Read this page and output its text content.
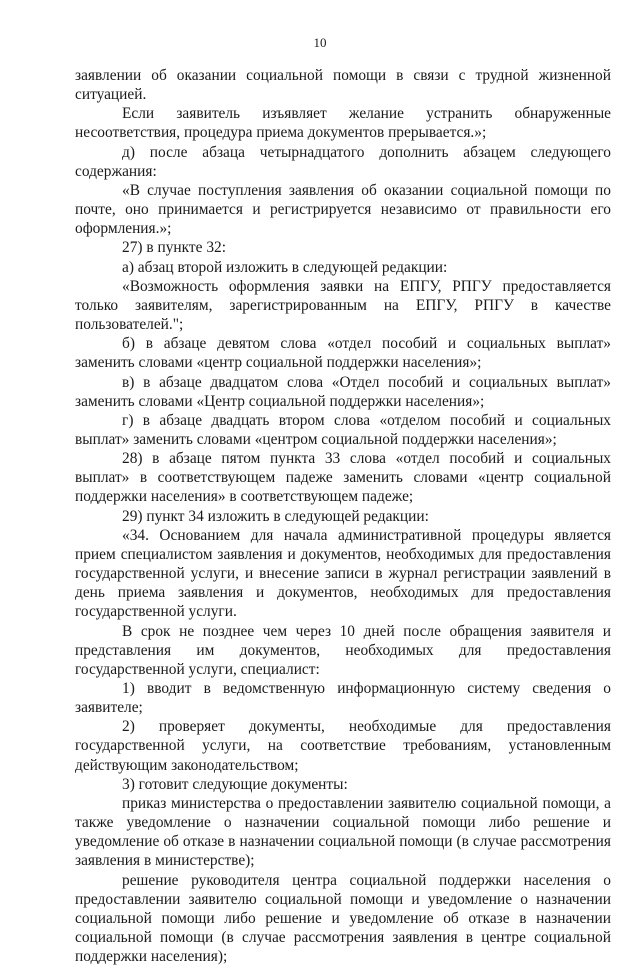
10

заявлении об оказании социальной помощи в связи с трудной жизненной ситуацией.

Если заявитель изъявляет желание устранить обнаруженные несоответствия, процедура приема документов прерывается.»;

д) после абзаца четырнадцатого дополнить абзацем следующего содержания:

«В случае поступления заявления об оказании социальной помощи по почте, оно принимается и регистрируется независимо от правильности его оформления.»;

27) в пункте 32:

а) абзац второй изложить в следующей редакции:

«Возможность оформления заявки на ЕПГУ, РПГУ предоставляется только заявителям, зарегистрированным на ЕПГУ, РПГУ в качестве пользователей.";

б) в абзаце девятом слова «отдел пособий и социальных выплат» заменить словами «центр социальной поддержки населения»;

в) в абзаце двадцатом слова «Отдел пособий и социальных выплат» заменить словами «Центр социальной поддержки населения»;

г) в абзаце двадцать втором слова «отделом пособий и социальных выплат» заменить словами «центром социальной поддержки населения»;

28) в абзаце пятом пункта 33 слова «отдел пособий и социальных выплат» в соответствующем падеже заменить словами «центр социальной поддержки населения» в соответствующем падеже;

29) пункт 34 изложить в следующей редакции:

«34. Основанием для начала административной процедуры является прием специалистом заявления и документов, необходимых для предоставления государственной услуги, и внесение записи в журнал регистрации заявлений в день приема заявления и документов, необходимых для предоставления государственной услуги.

В срок не позднее чем через 10 дней после обращения заявителя и представления им документов, необходимых для предоставления государственной услуги, специалист:

1) вводит в ведомственную информационную систему сведения о заявителе;

2) проверяет документы, необходимые для предоставления государственной услуги, на соответствие требованиям, установленным действующим законодательством;

3) готовит следующие документы:

приказ министерства о предоставлении заявителю социальной помощи, а также уведомление о назначении социальной помощи либо решение и уведомление об отказе в назначении социальной помощи (в случае рассмотрения заявления в министерстве);

решение руководителя центра социальной поддержки населения о предоставлении заявителю социальной помощи и уведомление о назначении социальной помощи либо решение и уведомление об отказе в назначении социальной помощи (в случае рассмотрения заявления в центре социальной поддержки населения);
